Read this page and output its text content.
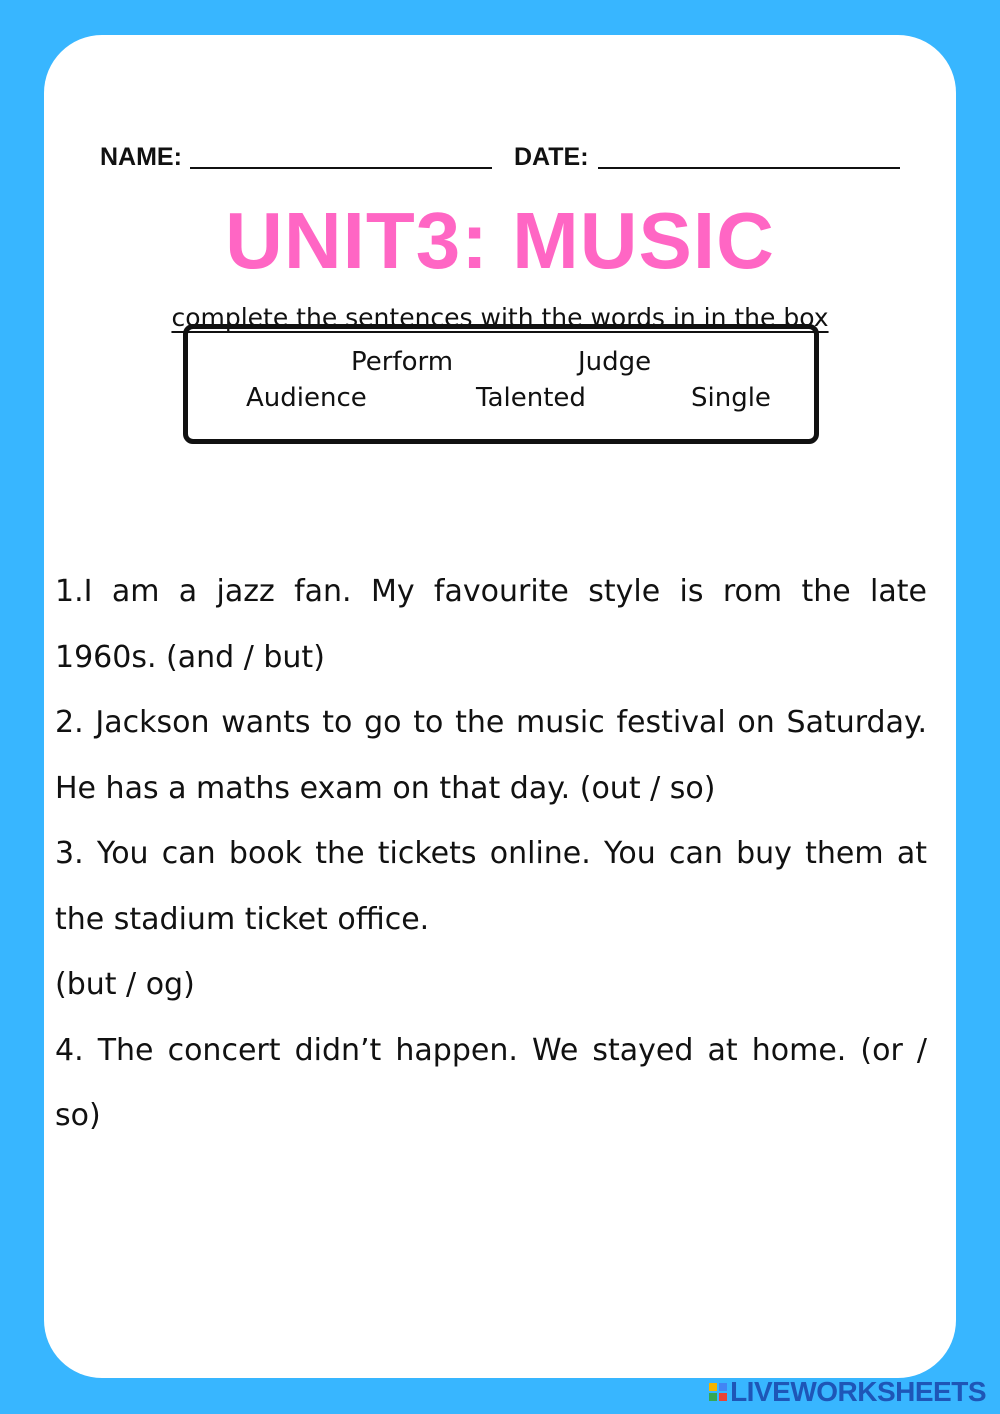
NAME:	DATE:
UNIT3: MUSIC
complete the sentences with the words in in the box
Perform	Judge
Audience	Talented	Single

1.I am a jazz fan. My favourite style is rom the late 1960s. (and / but)

2. Jackson wants to go to the music festival on Saturday. He has a maths exam on that day. (out / so)

3. You can book the tickets online. You can buy them at the stadium ticket office.

(but / og)

4. The concert didn’t happen. We stayed at home. (or / so)

LIVEWORKSHEETS
